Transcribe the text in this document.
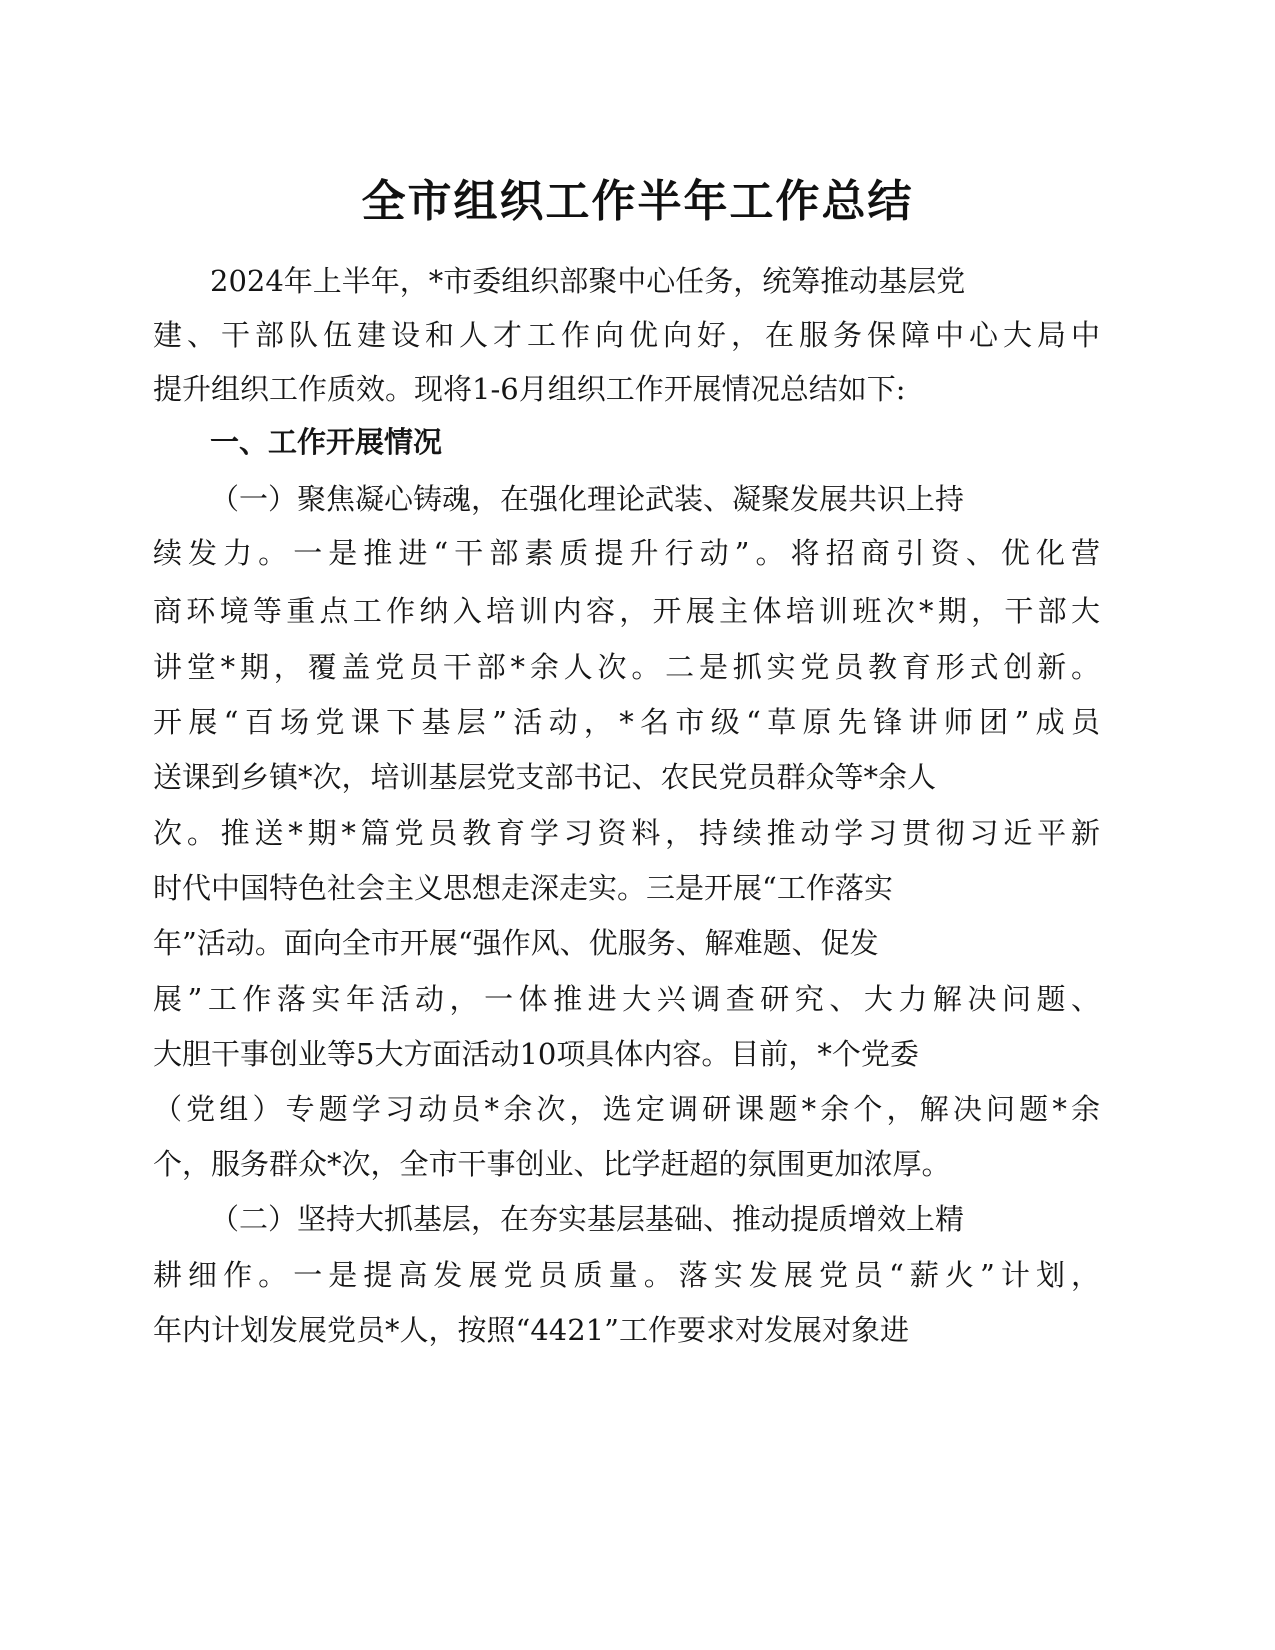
全市组织工作半年工作总结
2024年上半年，*市委组织部聚中心任务，统筹推动基层党
建、干部队伍建设和人才工作向优向好，在服务保障中心大局中
提升组织工作质效。现将1-6月组织工作开展情况总结如下:
一、工作开展情况
（一）聚焦凝心铸魂，在强化理论武装、凝聚发展共识上持
续发力。一是推进“干部素质提升行动”。将招商引资、优化营
商环境等重点工作纳入培训内容，开展主体培训班次*期，干部大
讲堂*期，覆盖党员干部*余人次。二是抓实党员教育形式创新。
开展“百场党课下基层”活动，*名市级“草原先锋讲师团”成员
送课到乡镇*次，培训基层党支部书记、农民党员群众等*余人
次。推送*期*篇党员教育学习资料，持续推动学习贯彻习近平新
时代中国特色社会主义思想走深走实。三是开展“工作落实
年”活动。面向全市开展“强作风、优服务、解难题、促发
展”工作落实年活动，一体推进大兴调查研究、大力解决问题、
大胆干事创业等5大方面活动10项具体内容。目前，*个党委
（党组）专题学习动员*余次，选定调研课题*余个，解决问题*余
个，服务群众*次，全市干事创业、比学赶超的氛围更加浓厚。
（二）坚持大抓基层，在夯实基层基础、推动提质增效上精
耕细作。一是提高发展党员质量。落实发展党员“薪火”计划，
年内计划发展党员*人，按照“4421”工作要求对发展对象进
